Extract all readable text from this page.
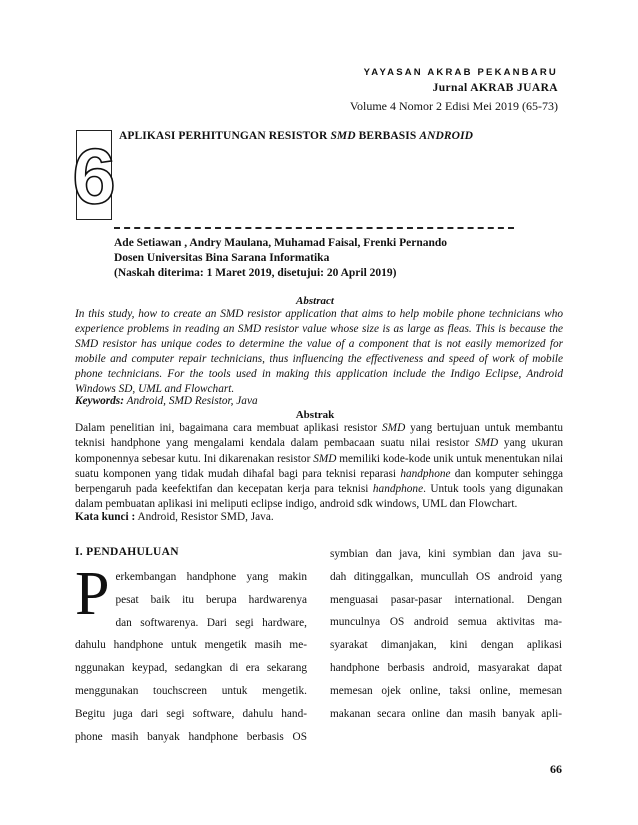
YAYASAN AKRAB PEKANBARU
Jurnal AKRAB JUARA
Volume 4 Nomor 2 Edisi Mei 2019 (65-73)
6 APLIKASI PERHITUNGAN RESISTOR SMD BERBASIS ANDROID
Ade Setiawan , Andry Maulana, Muhamad Faisal, Frenki Pernando
Dosen Universitas Bina Sarana Informatika
(Naskah diterima: 1 Maret 2019, disetujui: 20 April 2019)
Abstract
In this study, how to create an SMD resistor application that aims to help mobile phone technicians who experience problems in reading an SMD resistor value whose size is as large as fleas. This is because the SMD resistor has unique codes to determine the value of a component that is not easily memorized for mobile and computer repair technicians, thus influencing the effectiveness and speed of work of mobile phone technicians. For the tools used in making this application include the Indigo Eclipse, Android Windows SD, UML and Flowchart.
Keywords: Android, SMD Resistor, Java
Abstrak
Dalam penelitian ini, bagaimana cara membuat aplikasi resistor SMD yang bertujuan untuk membantu teknisi handphone yang mengalami kendala dalam pembacaan suatu nilai resistor SMD yang ukuran komponennya sebesar kutu. Ini dikarenakan resistor SMD memiliki kode-kode unik untuk menentukan nilai suatu komponen yang tidak mudah dihafal bagi para teknisi reparasi handphone dan komputer sehingga berpengaruh pada keefektifan dan kecepatan kerja para teknisi handphone. Untuk tools yang digunakan dalam pembuatan aplikasi ini meliputi eclipse indigo, android sdk windows, UML dan Flowchart.
Kata kunci : Android, Resistor SMD, Java.
I. PENDAHULUAN
P erkembangan handphone yang makin
pesat baik itu berupa hardwarenya
dan softwarenya. Dari segi hardware,
dahulu handphone untuk mengetik masih me-
nggunakan keypad, sedangkan di era sekarang
menggunakan touchscreen untuk mengetik.
Begitu juga dari segi software, dahulu hand-
phone masih banyak handphone berbasis OS
symbian dan java, kini symbian dan java su-
dah ditinggalkan, muncullah OS android yang
menguasai pasar-pasar international. Dengan
munculnya OS android semua aktivitas ma-
syarakat dimanjakan, kini dengan aplikasi
handphone berbasis android, masyarakat dapat
memesan ojek online, taksi online, memesan
makanan secara online dan masih banyak apli-
66
